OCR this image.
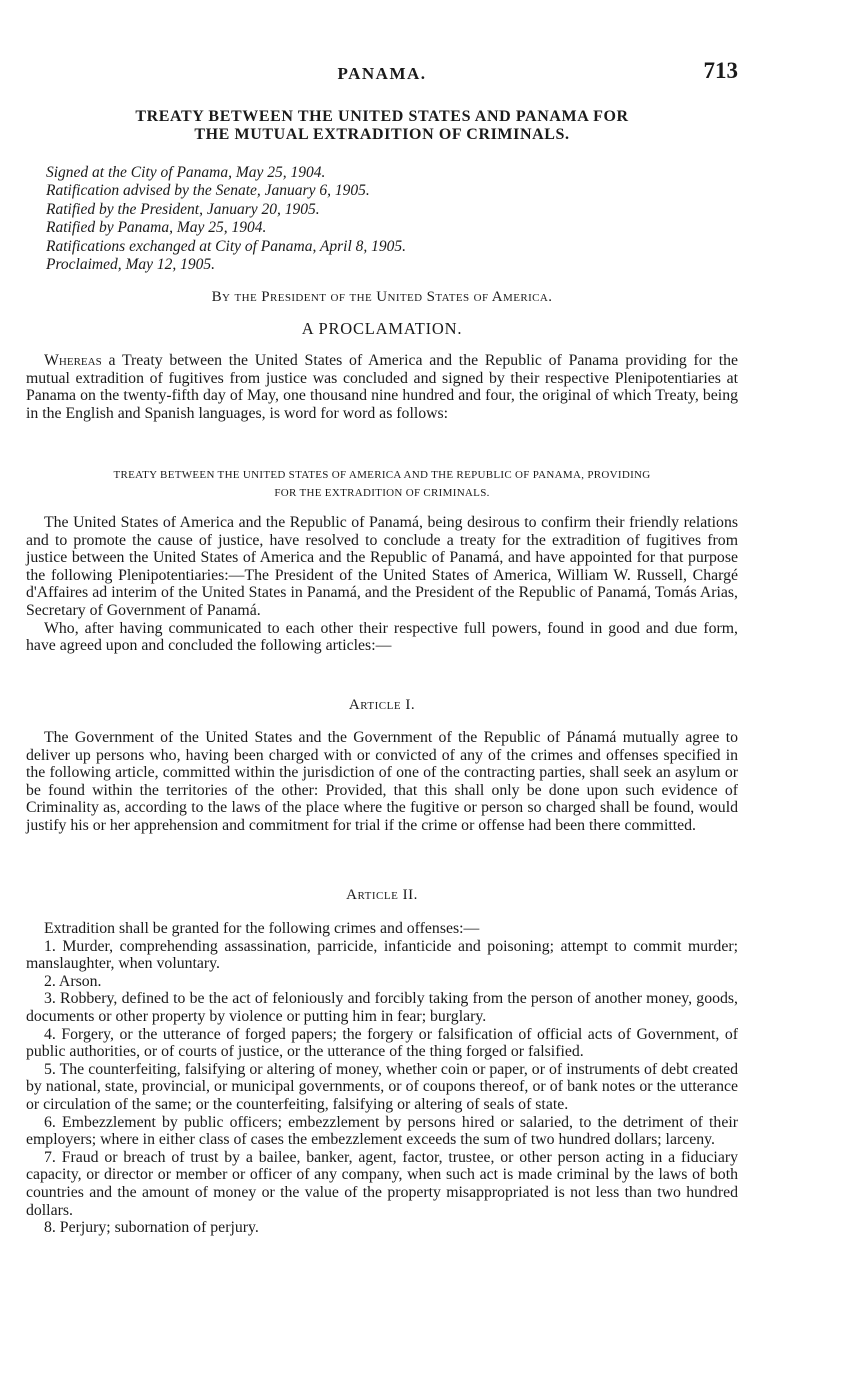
PANAMA.	713
TREATY BETWEEN THE UNITED STATES AND PANAMA FOR
THE MUTUAL EXTRADITION OF CRIMINALS.
Signed at the City of Panama, May 25, 1904.
Ratification advised by the Senate, January 6, 1905.
Ratified by the President, January 20, 1905.
Ratified by Panama, May 25, 1904.
Ratifications exchanged at City of Panama, April 8, 1905.
Proclaimed, May 12, 1905.
By the President of the United States of America.
A PROCLAMATION.

Whereas a Treaty between the United States of America and the Republic of Panama providing for the mutual extradition of fugitives from justice was concluded and signed by their respective Plenipotentiaries at Panama on the twenty-fifth day of May, one thousand nine hundred and four, the original of which Treaty, being in the English and Spanish languages, is word for word as follows:

TREATY BETWEEN THE UNITED STATES OF AMERICA AND THE REPUBLIC OF PANAMA, PROVIDING
FOR THE EXTRADITION OF CRIMINALS.

The United States of America and the Republic of Panamá, being desirous to confirm their friendly relations and to promote the cause of justice, have resolved to conclude a treaty for the extradition of fugitives from justice between the United States of America and the Republic of Panamá, and have appointed for that purpose the following Plenipotentiaries:—The President of the United States of America, William W. Russell, Chargé d'Affaires ad interim of the United States in Panamá, and the President of the Republic of Panamá, Tomás Arias, Secretary of Government of Panamá.

Who, after having communicated to each other their respective full powers, found in good and due form, have agreed upon and concluded the following articles:—

Article I.

The Government of the United States and the Government of the Republic of Pánamá mutually agree to deliver up persons who, having been charged with or convicted of any of the crimes and offenses specified in the following article, committed within the jurisdiction of one of the contracting parties, shall seek an asylum or be found within the territories of the other: Provided, that this shall only be done upon such evidence of Criminality as, according to the laws of the place where the fugitive or person so charged shall be found, would justify his or her apprehension and commitment for trial if the crime or offense had been there committed.

Article II.

Extradition shall be granted for the following crimes and offenses:—

1. Murder, comprehending assassination, parricide, infanticide and poisoning; attempt to commit murder; manslaughter, when voluntary.

2. Arson.

3. Robbery, defined to be the act of feloniously and forcibly taking from the person of another money, goods, documents or other property by violence or putting him in fear; burglary.

4. Forgery, or the utterance of forged papers; the forgery or falsification of official acts of Government, of public authorities, or of courts of justice, or the utterance of the thing forged or falsified.

5. The counterfeiting, falsifying or altering of money, whether coin or paper, or of instruments of debt created by national, state, provincial, or municipal governments, or of coupons thereof, or of bank notes or the utterance or circulation of the same; or the counterfeiting, falsifying or altering of seals of state.

6. Embezzlement by public officers; embezzlement by persons hired or salaried, to the detriment of their employers; where in either class of cases the embezzlement exceeds the sum of two hundred dollars; larceny.

7. Fraud or breach of trust by a bailee, banker, agent, factor, trustee, or other person acting in a fiduciary capacity, or director or member or officer of any company, when such act is made criminal by the laws of both countries and the amount of money or the value of the property misappropriated is not less than two hundred dollars.

8. Perjury; subornation of perjury.
